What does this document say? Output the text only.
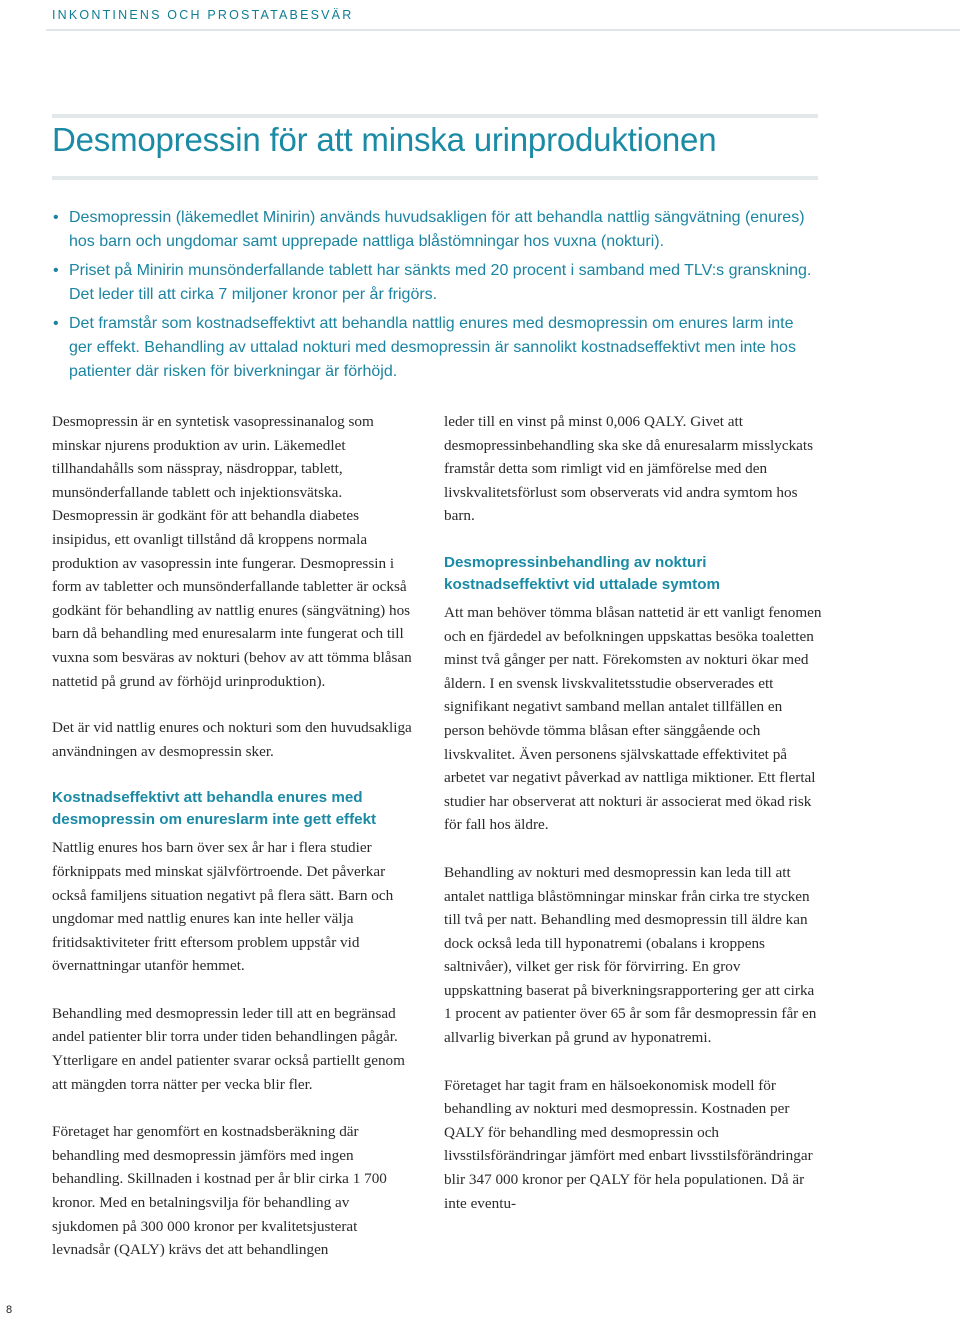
INKONTINENS OCH PROSTATABESVÄR

Desmopressin för att minska urinproduktionen
• Desmopressin (läkemedlet Minirin) används huvudsakligen för att behandla nattlig sängvätning (enures) hos barn och ungdomar samt upprepade nattliga blåstömningar hos vuxna (nokturi).
• Priset på Minirin munsönderfallande tablett har sänkts med 20 procent i samband med TLV:s granskning. Det leder till att cirka 7 miljoner kronor per år frigörs.
• Det framstår som kostnadseffektivt att behandla nattlig enures med desmopressin om enures larm inte ger effekt. Behandling av uttalad nokturi med desmopressin är sannolikt kostnadseffektivt men inte hos patienter där risken för biverkningar är förhöjd.

Desmopressin är en syntetisk vasopressinanalog som minskar njurens produktion av urin. Läkemedlet tillhandahålls som nässpray, näsdroppar, tablett, munsönderfallande tablett och injektionsvätska. Desmopressin är godkänt för att behandla diabetes insipidus, ett ovanligt tillstånd då kroppens normala produktion av vasopressin inte fungerar. Desmopressin i form av tabletter och munsönderfallande tabletter är också godkänt för behandling av nattlig enures (sängvätning) hos barn då behandling med enuresalarm inte fungerat och till vuxna som besväras av nokturi (behov av att tömma blåsan nattetid på grund av förhöjd urinproduktion).

Det är vid nattlig enures och nokturi som den huvudsakliga användningen av desmopressin sker.

Kostnadseffektivt att behandla enures med desmopressin om enureslarm inte gett effekt

Nattlig enures hos barn över sex år har i flera studier förknippats med minskat självförtroende. Det påverkar också familjens situation negativt på flera sätt. Barn och ungdomar med nattlig enures kan inte heller välja fritidsaktiviteter fritt eftersom problem uppstår vid övernattningar utanför hemmet.

Behandling med desmopressin leder till att en begränsad andel patienter blir torra under tiden behandlingen pågår. Ytterligare en andel patienter svarar också partiellt genom att mängden torra nätter per vecka blir fler.

Företaget har genomfört en kostnadsberäkning där behandling med desmopressin jämförs med ingen behandling. Skillnaden i kostnad per år blir cirka 1 700 kronor. Med en betalningsvilja för behandling av sjukdomen på 300 000 kronor per kvalitetsjusterat levnadsår (QALY) krävs det att behandlingen

leder till en vinst på minst 0,006 QALY. Givet att desmopressinbehandling ska ske då enuresalarm misslyckats framstår detta som rimligt vid en jämförelse med den livskvalitetsförlust som observerats vid andra symtom hos barn.

Desmopressinbehandling av nokturi kostnadseffektivt vid uttalade symtom

Att man behöver tömma blåsan nattetid är ett vanligt fenomen och en fjärdedel av befolkningen uppskattas besöka toaletten minst två gånger per natt. Förekomsten av nokturi ökar med åldern. I en svensk livskvalitetsstudie observerades ett signifikant negativt samband mellan antalet tillfällen en person behövde tömma blåsan efter sänggående och livskvalitet. Även personens självskattade effektivitet på arbetet var negativt påverkad av nattliga miktioner. Ett flertal studier har observerat att nokturi är associerat med ökad risk för fall hos äldre.

Behandling av nokturi med desmopressin kan leda till att antalet nattliga blåstömningar minskar från cirka tre stycken till två per natt. Behandling med desmopressin till äldre kan dock också leda till hyponatremi (obalans i kroppens saltnivåer), vilket ger risk för förvirring. En grov uppskattning baserat på biverkningsrapportering ger att cirka 1 procent av patienter över 65 år som får desmopressin får en allvarlig biverkan på grund av hyponatremi.

Företaget har tagit fram en hälsoekonomisk modell för behandling av nokturi med desmopressin. Kostnaden per QALY för behandling med desmopressin och livsstilsförändringar jämfört med enbart livsstilsförändringar blir 347 000 kronor per QALY för hela populationen. Då är inte eventu-

8
